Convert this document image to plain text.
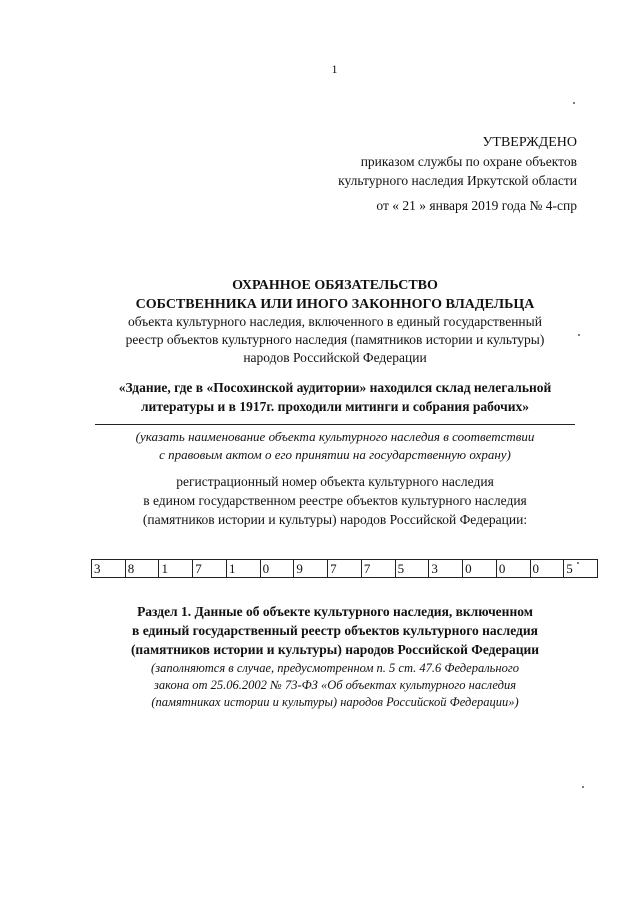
1
УТВЕРЖДЕНО
приказом службы по охране объектов
культурного наследия Иркутской области
от « 21 » января 2019 года № 4-спр
ОХРАННОЕ ОБЯЗАТЕЛЬСТВО
СОБСТВЕННИКА ИЛИ ИНОГО ЗАКОННОГО ВЛАДЕЛЬЦА
объекта культурного наследия, включенного в единый государственный
реестр объектов культурного наследия (памятников истории и культуры)
народов Российской Федерации
«Здание, где в «Посохинской аудитории» находился склад нелегальной
литературы и в 1917г. проходили митинги и собрания рабочих»
(указать наименование объекта культурного наследия в соответствии
с правовым актом о его принятии на государственную охрану)
регистрационный номер объекта культурного наследия
в едином государственном реестре объектов культурного наследия
(памятников истории и культуры) народов Российской Федерации:
3	8	1	7	1	0	9	7	7	5	3	0	0	0	5
Раздел 1. Данные об объекте культурного наследия, включенном
в единый государственный реестр объектов культурного наследия
(памятников истории и культуры) народов Российской Федерации
(заполняются в случае, предусмотренном п. 5 ст. 47.6 Федерального
закона от 25.06.2002 № 73-ФЗ «Об объектах культурного наследия
(памятниках истории и культуры) народов Российской Федерации»)
